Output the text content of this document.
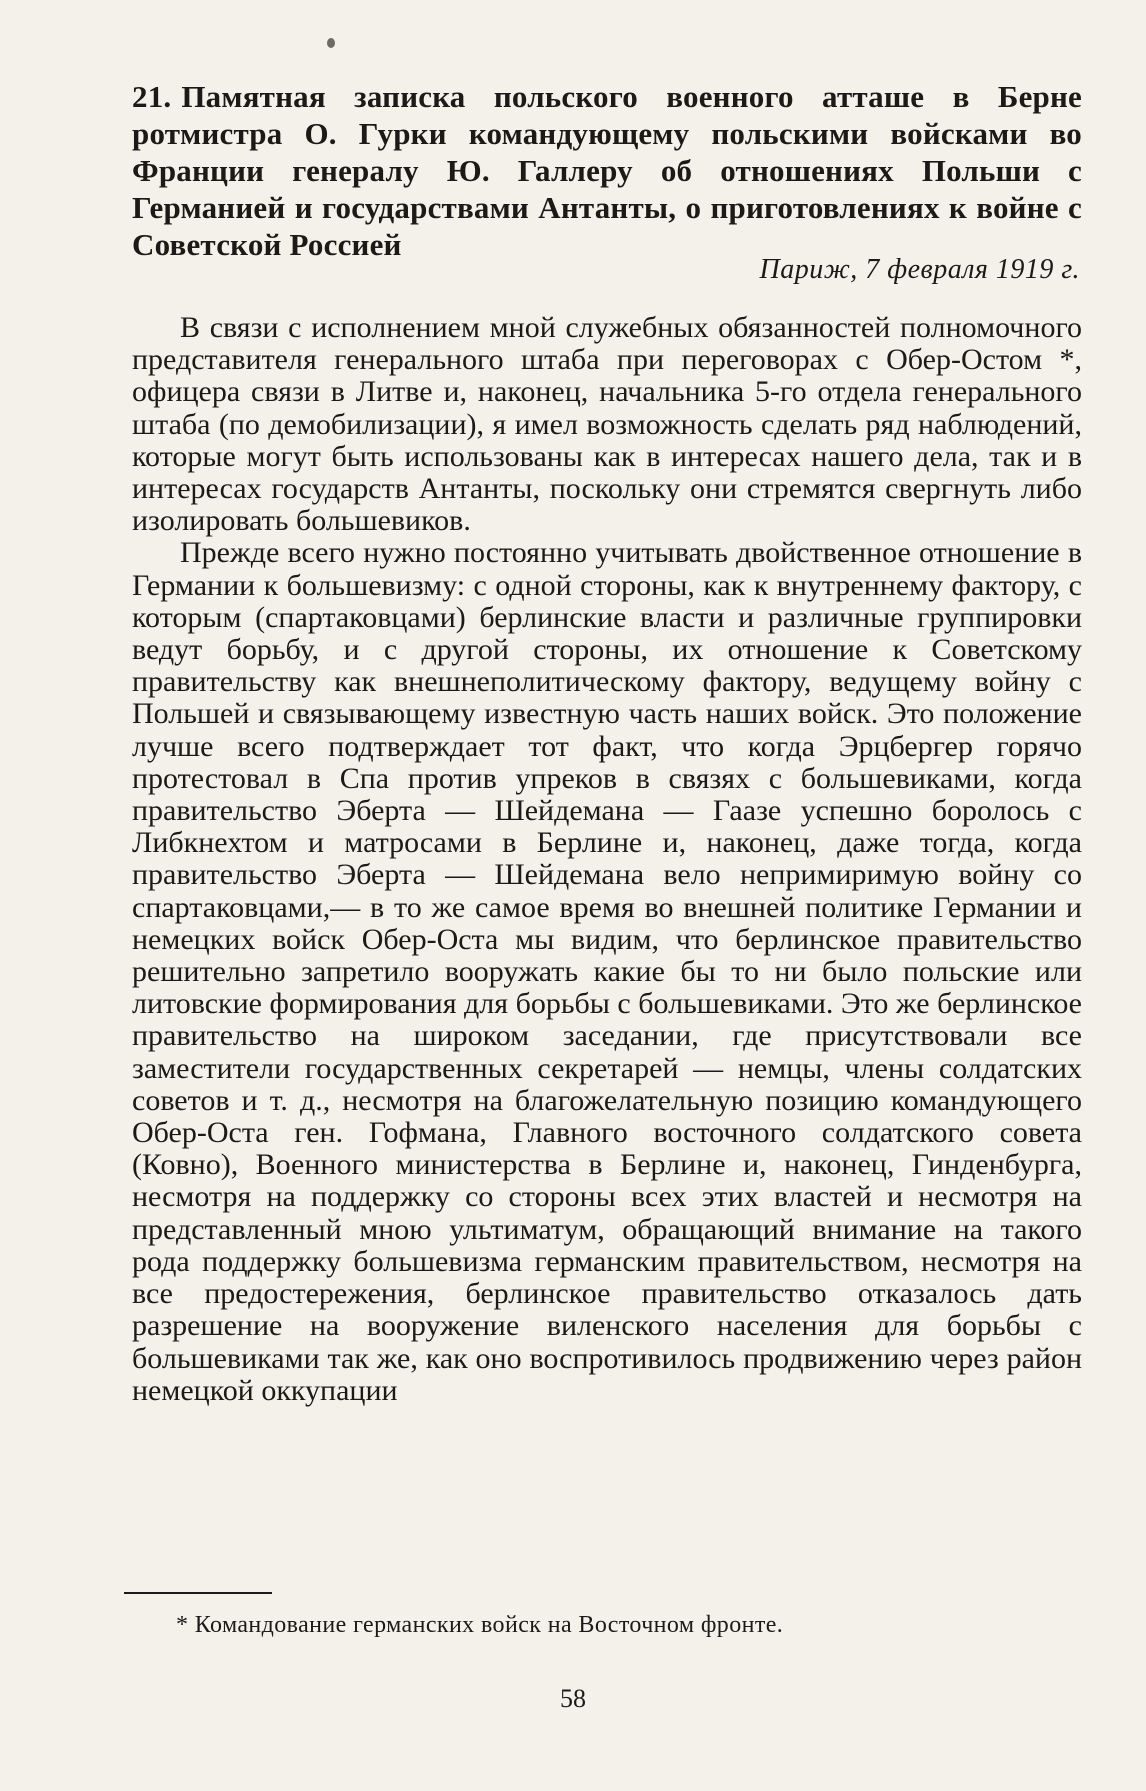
21. Памятная записка польского военного атташе в Берне ротмистра О. Гурки командующему польскими войсками во Франции генералу Ю. Галлеру об отношениях Польши с Германией и государствами Антанты, о приготовлениях к войне с Советской Россией
Париж, 7 февраля 1919 г.

В связи с исполнением мной служебных обязанностей полномочного представителя генерального штаба при переговорах с Обер-Остом *, офицера связи в Литве и, наконец, начальника 5-го отдела генерального штаба (по демобилизации), я имел возможность сделать ряд наблюдений, которые могут быть использованы как в интересах нашего дела, так и в интересах государств Антанты, поскольку они стремятся свергнуть либо изолировать большевиков.

Прежде всего нужно постоянно учитывать двойственное отношение в Германии к большевизму: с одной стороны, как к внутреннему фактору, с которым (спартаковцами) берлинские власти и различные группировки ведут борьбу, и с другой стороны, их отношение к Советскому правительству как внешнеполитическому фактору, ведущему войну с Польшей и связывающему известную часть наших войск. Это положение лучше всего подтверждает тот факт, что когда Эрцбергер горячо протестовал в Спа против упреков в связях с большевиками, когда правительство Эберта — Шейдемана — Гаазе успешно боролось с Либкнехтом и матросами в Берлине и, наконец, даже тогда, когда правительство Эберта — Шейдемана вело непримиримую войну со спартаковцами,— в то же самое время во внешней политике Германии и немецких войск Обер-Оста мы видим, что берлинское правительство решительно запретило вооружать какие бы то ни было польские или литовские формирования для борьбы с большевиками. Это же берлинское правительство на широком заседании, где присутствовали все заместители государственных секретарей — немцы, члены солдатских советов и т. д., несмотря на благожелательную позицию командующего Обер-Оста ген. Гофмана, Главного восточного солдатского совета (Ковно), Военного министерства в Берлине и, наконец, Гинденбурга, несмотря на поддержку со стороны всех этих властей и несмотря на представленный мною ультиматум, обращающий внимание на такого рода поддержку большевизма германским правительством, несмотря на все предостережения, берлинское правительство отказалось дать разрешение на вооружение виленского населения для борьбы с большевиками так же, как оно воспротивилось продвижению через район немецкой оккупации

* Командование германских войск на Восточном фронте.
58
